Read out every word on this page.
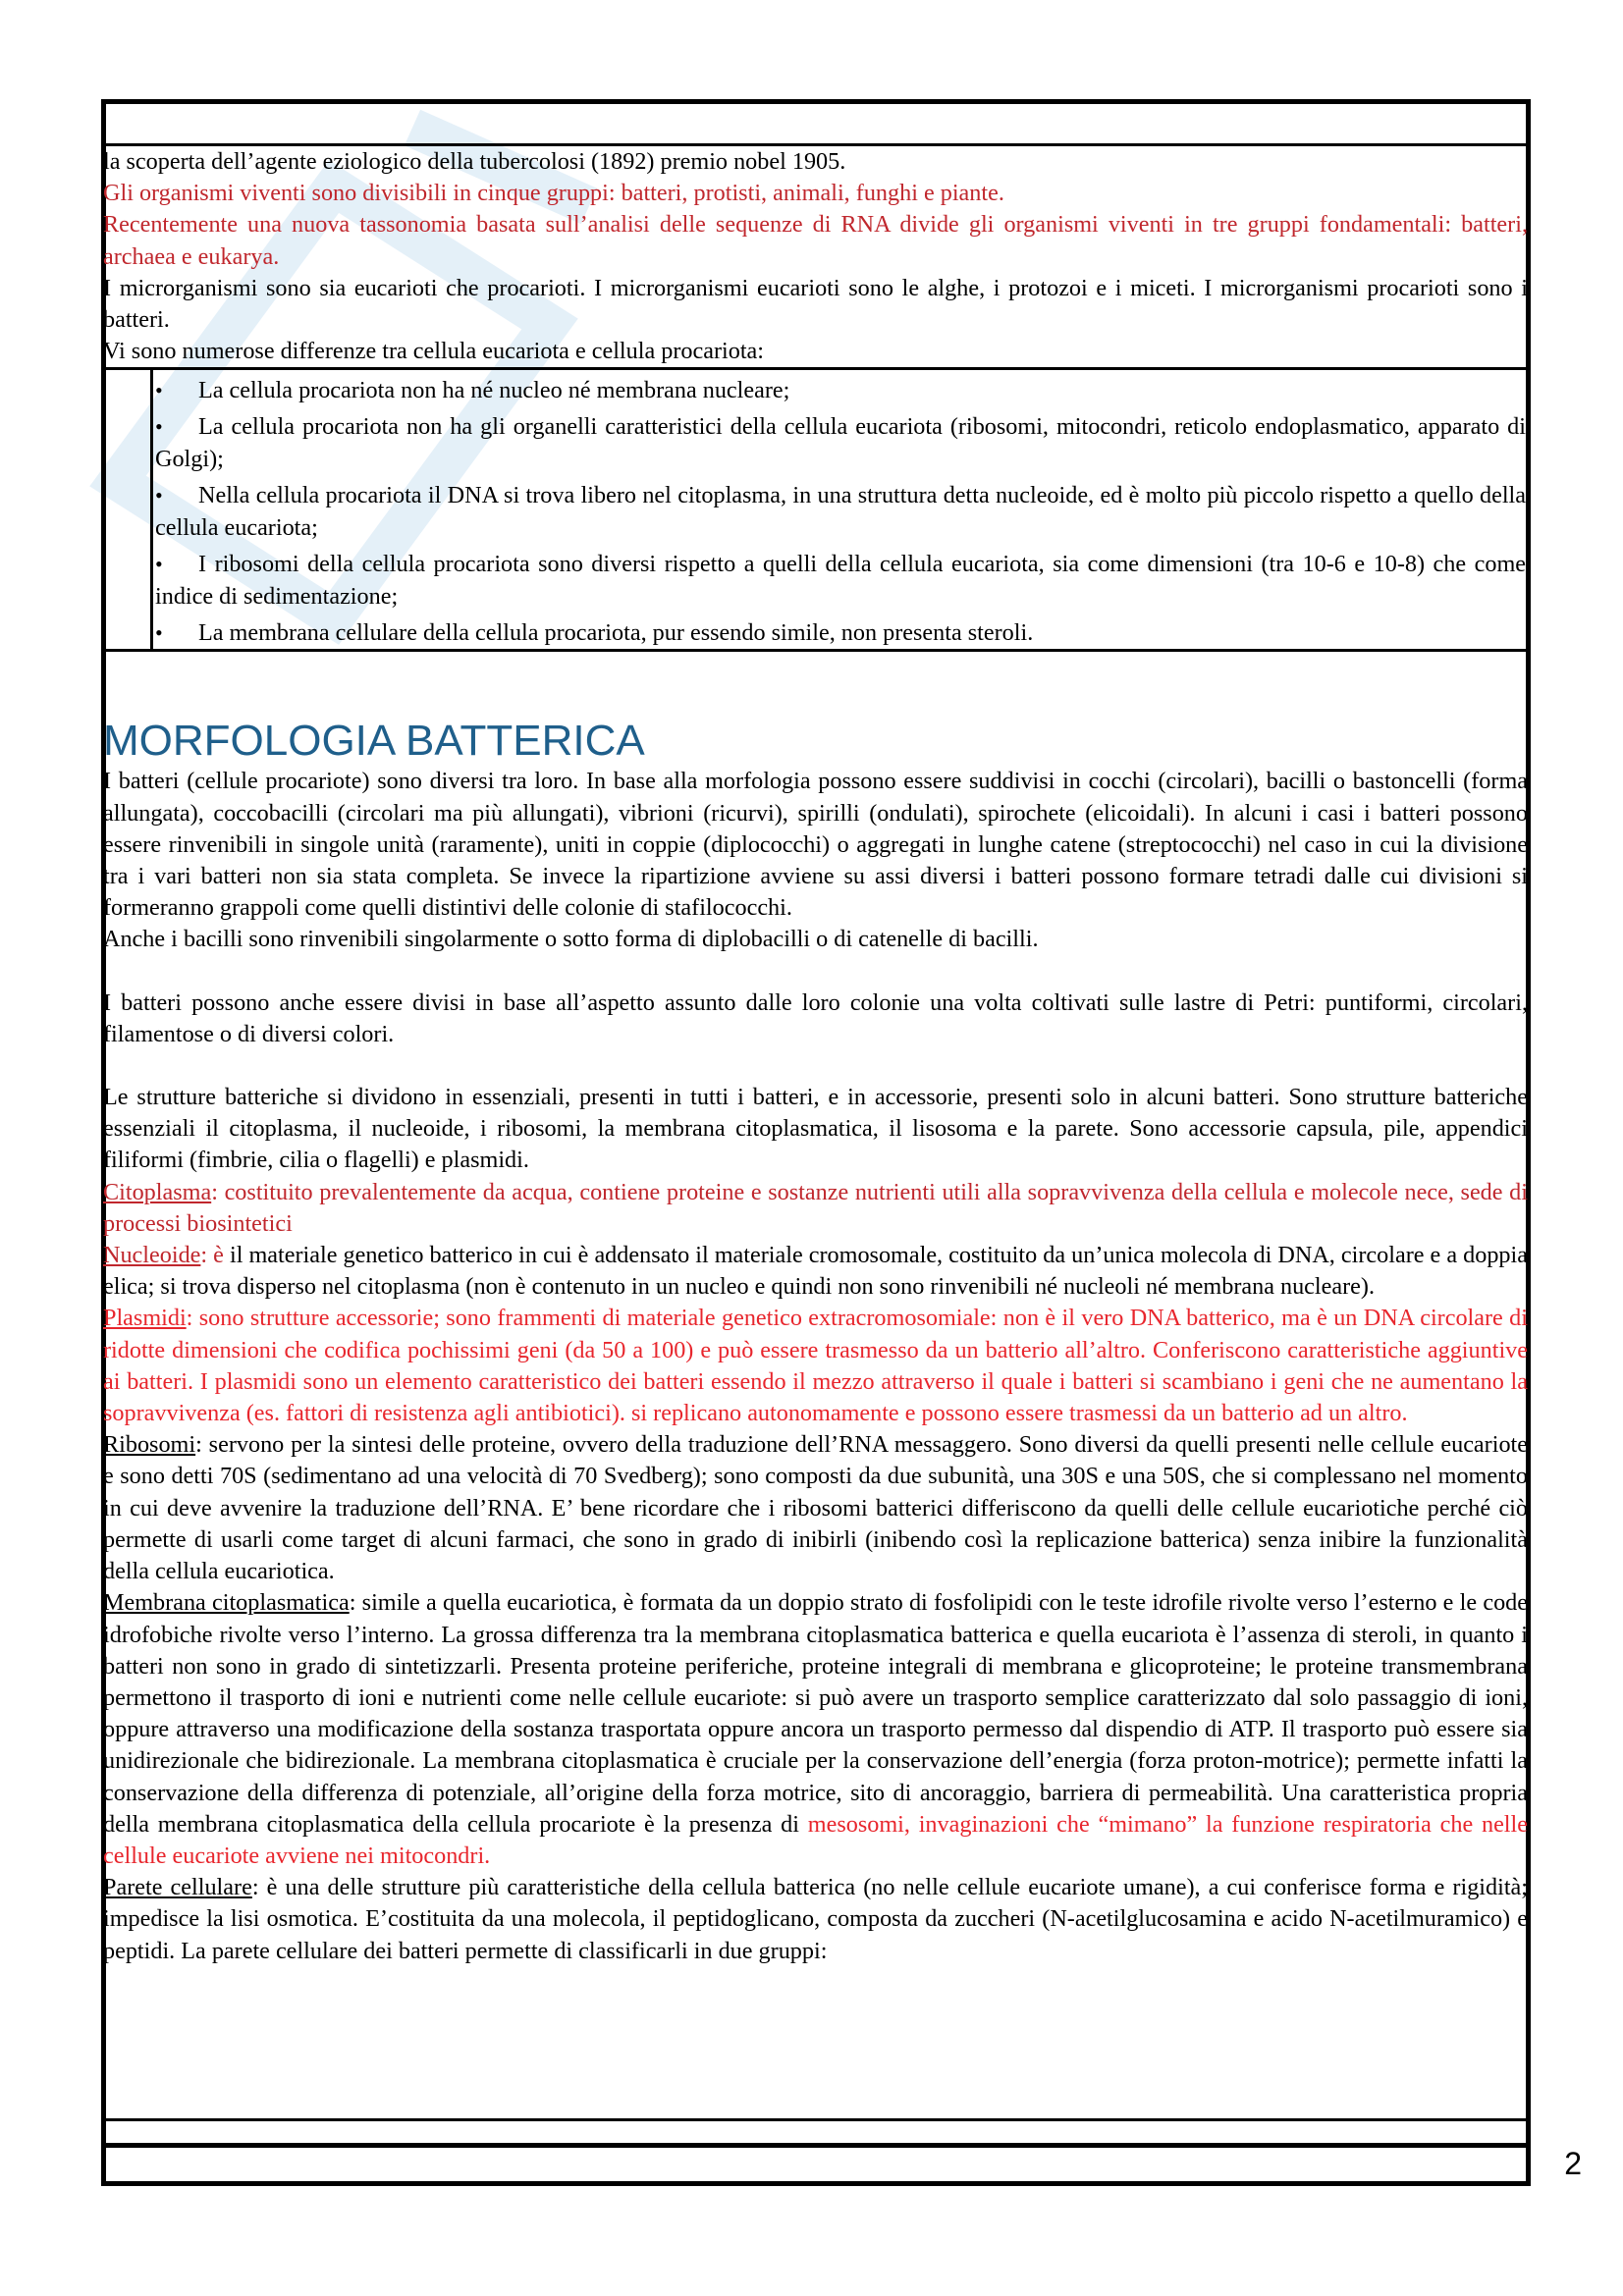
la scoperta dell’agente eziologico della tubercolosi (1892) premio nobel 1905.

Gli organismi viventi sono divisibili in cinque gruppi: batteri, protisti, animali, funghi e piante.

Recentemente una nuova tassonomia basata sull’analisi delle sequenze di RNA divide gli organismi viventi in tre gruppi fondamentali: batteri, archaea e eukarya.

I microrganismi sono sia eucarioti che procarioti. I microrganismi eucarioti sono le alghe, i protozoi e i miceti. I microrganismi procarioti sono i batteri.

Vi sono numerose differenze tra cellula eucariota e cellula procariota:

• La cellula procariota non ha né nucleo né membrana nucleare;
• La cellula procariota non ha gli organelli caratteristici della cellula eucariota (ribosomi, mitocondri, reticolo endoplasmatico, apparato di Golgi);
• Nella cellula procariota il DNA si trova libero nel citoplasma, in una struttura detta nucleoide, ed è molto più piccolo rispetto a quello della cellula eucariota;
• I ribosomi della cellula procariota sono diversi rispetto a quelli della cellula eucariota, sia come dimensioni (tra 10-6 e 10-8) che come indice di sedimentazione;
• La membrana cellulare della cellula procariota, pur essendo simile, non presenta steroli.
MORFOLOGIA BATTERICA

I batteri (cellule procariote) sono diversi tra loro. In base alla morfologia possono essere suddivisi in cocchi (circolari), bacilli o bastoncelli (forma allungata), coccobacilli (circolari ma più allungati), vibrioni (ricurvi), spirilli (ondulati), spirochete (elicoidali). In alcuni i casi i batteri possono essere rinvenibili in singole unità (raramente), uniti in coppie (diplococchi) o aggregati in lunghe catene (streptococchi) nel caso in cui la divisione tra i vari batteri non sia stata completa. Se invece la ripartizione avviene su assi diversi i batteri possono formare tetradi dalle cui divisioni si formeranno grappoli come quelli distintivi delle colonie di stafilococchi.

Anche i bacilli sono rinvenibili singolarmente o sotto forma di diplobacilli o di catenelle di bacilli.

I batteri possono anche essere divisi in base all’aspetto assunto dalle loro colonie una volta coltivati sulle lastre di Petri: puntiformi, circolari, filamentose o di diversi colori.

Le strutture batteriche si dividono in essenziali, presenti in tutti i batteri, e in accessorie, presenti solo in alcuni batteri. Sono strutture batteriche essenziali il citoplasma, il nucleoide, i ribosomi, la membrana citoplasmatica, il lisosoma e la parete. Sono accessorie capsula, pile, appendici filiformi (fimbrie, cilia o flagelli) e plasmidi.

Citoplasma: costituito prevalentemente da acqua, contiene proteine e sostanze nutrienti utili alla sopravvivenza della cellula e molecole nece, sede di processi biosintetici

Nucleoide: è il materiale genetico batterico in cui è addensato il materiale cromosomale, costituito da un’unica molecola di DNA, circolare e a doppia elica; si trova disperso nel citoplasma (non è contenuto in un nucleo e quindi non sono rinvenibili né nucleoli né membrana nucleare).

Plasmidi: sono strutture accessorie; sono frammenti di materiale genetico extracromosomiale: non è il vero DNA batterico, ma è un DNA circolare di ridotte dimensioni che codifica pochissimi geni (da 50 a 100) e può essere trasmesso da un batterio all’altro. Conferiscono caratteristiche aggiuntive ai batteri. I plasmidi sono un elemento caratteristico dei batteri essendo il mezzo attraverso il quale i batteri si scambiano i geni che ne aumentano la sopravvivenza (es. fattori di resistenza agli antibiotici). si replicano autonomamente e possono essere trasmessi da un batterio ad un altro.

Ribosomi: servono per la sintesi delle proteine, ovvero della traduzione dell’RNA messaggero. Sono diversi da quelli presenti nelle cellule eucariote e sono detti 70S (sedimentano ad una velocità di 70 Svedberg); sono composti da due subunità, una 30S e una 50S, che si complessano nel momento in cui deve avvenire la traduzione dell’RNA. E’ bene ricordare che i ribosomi batterici differiscono da quelli delle cellule eucariotiche perché ciò permette di usarli come target di alcuni farmaci, che sono in grado di inibirli (inibendo così la replicazione batterica) senza inibire la funzionalità della cellula eucariotica.

Membrana citoplasmatica: simile a quella eucariotica, è formata da un doppio strato di fosfolipidi con le teste idrofile rivolte verso l’esterno e le code idrofobiche rivolte verso l’interno. La grossa differenza tra la membrana citoplasmatica batterica e quella eucariota è l’assenza di steroli, in quanto i batteri non sono in grado di sintetizzarli. Presenta proteine periferiche, proteine integrali di membrana e glicoproteine; le proteine transmembrana permettono il trasporto di ioni e nutrienti come nelle cellule eucariote: si può avere un trasporto semplice caratterizzato dal solo passaggio di ioni, oppure attraverso una modificazione della sostanza trasportata oppure ancora un trasporto permesso dal dispendio di ATP. Il trasporto può essere sia unidirezionale che bidirezionale. La membrana citoplasmatica è cruciale per la conservazione dell’energia (forza proton-motrice); permette infatti la conservazione della differenza di potenziale, all’origine della forza motrice, sito di ancoraggio, barriera di permeabilità. Una caratteristica propria della membrana citoplasmatica della cellula procariote è la presenza di mesosomi, invaginazioni che “mimano” la funzione respiratoria che nelle cellule eucariote avviene nei mitocondri.

Parete cellulare: è una delle strutture più caratteristiche della cellula batterica (no nelle cellule eucariote umane), a cui conferisce forma e rigidità; impedisce la lisi osmotica. E’costituita da una molecola, il peptidoglicano, composta da zuccheri (N-acetilglucosamina e acido N-acetilmuramico) e peptidi. La parete cellulare dei batteri permette di classificarli in due gruppi:

2
